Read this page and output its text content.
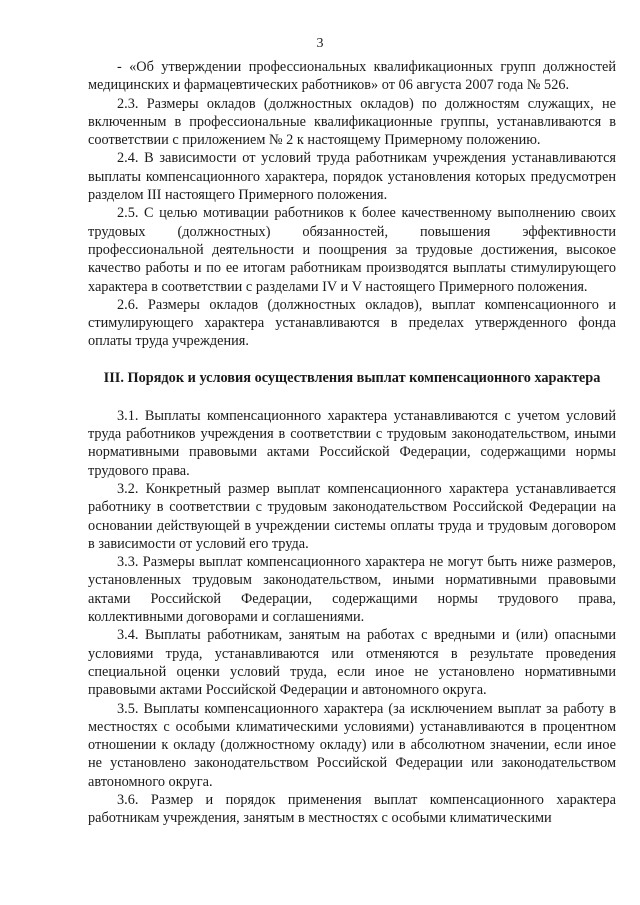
3

- «Об утверждении профессиональных квалификационных групп должностей медицинских и фармацевтических работников» от 06 августа 2007 года № 526.

2.3. Размеры окладов (должностных окладов) по должностям служащих, не включенным в профессиональные квалификационные группы, устанавливаются в соответствии с приложением № 2 к настоящему Примерному положению.

2.4. В зависимости от условий труда работникам учреждения устанавливаются выплаты компенсационного характера, порядок установления которых предусмотрен разделом III настоящего Примерного положения.

2.5. С целью мотивации работников к более качественному выполнению своих трудовых (должностных) обязанностей, повышения эффективности профессиональной деятельности и поощрения за трудовые достижения, высокое качество работы и по ее итогам работникам производятся выплаты стимулирующего характера в соответствии с разделами IV и V настоящего Примерного положения.

2.6. Размеры окладов (должностных окладов), выплат компенсационного и стимулирующего характера устанавливаются в пределах утвержденного фонда оплаты труда учреждения.

III. Порядок и условия осуществления выплат компенсационного характера

3.1. Выплаты компенсационного характера устанавливаются с учетом условий труда работников учреждения в соответствии с трудовым законодательством, иными нормативными правовыми актами Российской Федерации, содержащими нормы трудового права.

3.2. Конкретный размер выплат компенсационного характера устанавливается работнику в соответствии с трудовым законодательством Российской Федерации на основании действующей в учреждении системы оплаты труда и трудовым договором в зависимости от условий его труда.

3.3. Размеры выплат компенсационного характера не могут быть ниже размеров, установленных трудовым законодательством, иными нормативными правовыми актами Российской Федерации, содержащими нормы трудового права, коллективными договорами и соглашениями.

3.4. Выплаты работникам, занятым на работах с вредными и (или) опасными условиями труда, устанавливаются или отменяются в результате проведения специальной оценки условий труда, если иное не установлено нормативными правовыми актами Российской Федерации и автономного округа.

3.5. Выплаты компенсационного характера (за исключением выплат за работу в местностях с особыми климатическими условиями) устанавливаются в процентном отношении к окладу (должностному окладу) или в абсолютном значении, если иное не установлено законодательством Российской Федерации или законодательством автономного округа.

3.6. Размер и порядок применения выплат компенсационного характера работникам учреждения, занятым в местностях с особыми климатическими
